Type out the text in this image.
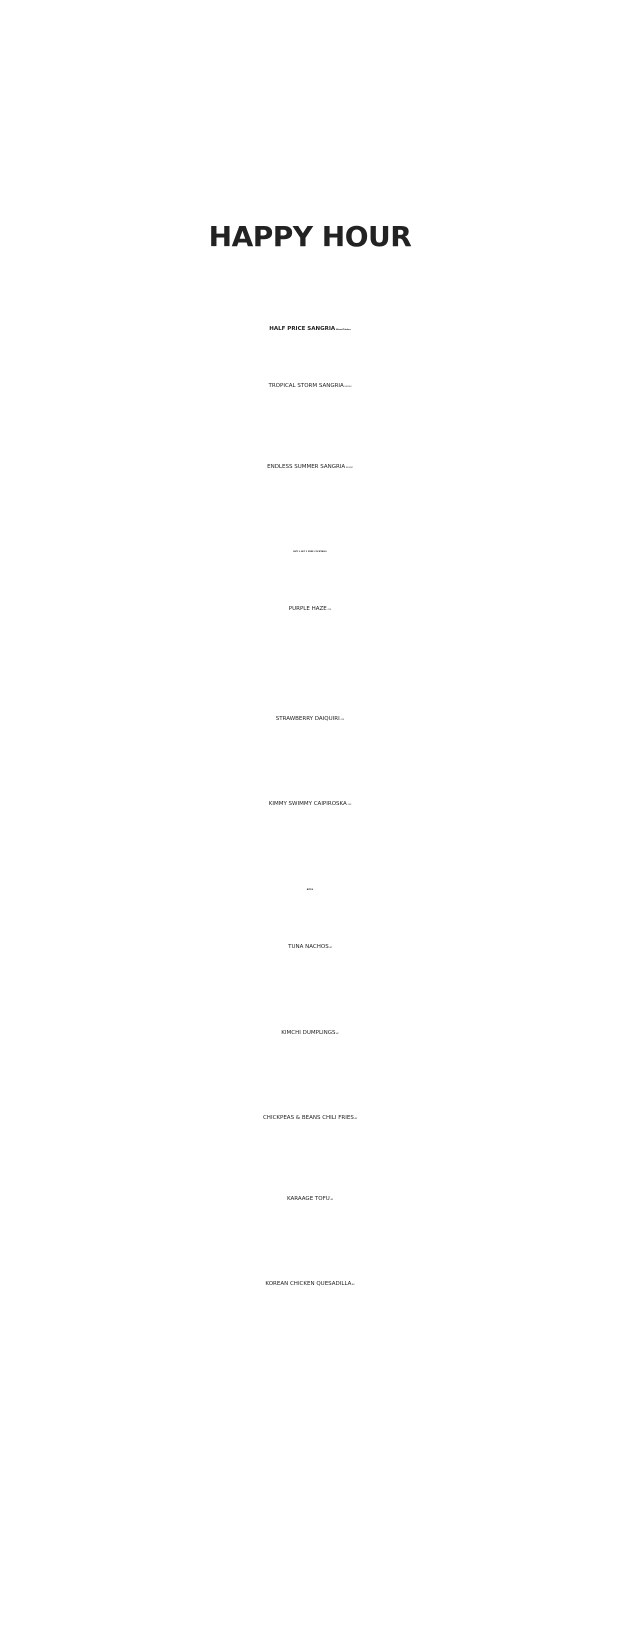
HAPPY HOUR
HALF PRICE SANGRIA Glass/Pitcher
TROPICAL STORM SANGRIA 55/250
ENDLESS SUMMER SANGRIA 55/250
BUY 1 GET 1 FREE COCKTAILS
PURPLE HAZE 120
STRAWBERRY DAIQUIRI 120
KIMMY SWIMMY CAIPIROSKA 120
BITES
TUNA NACHOS 45
KIMCHI DUMPLINGS 40
CHICKPEAS & BEANS CHILI FRIES 45
KARAAGE TOFU 45
KOREAN CHICKEN QUESADILLA 45
